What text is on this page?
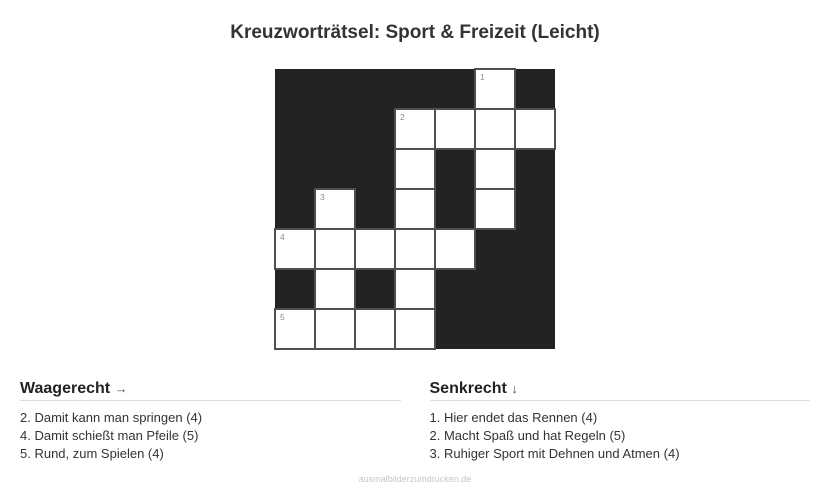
Kreuzworträtsel: Sport & Freizeit (Leicht)
1
2
3
4
5
Waagerecht →
2. Damit kann man springen (4)
4. Damit schießt man Pfeile (5)
5. Rund, zum Spielen (4)
Senkrecht ↓
1. Hier endet das Rennen (4)
2. Macht Spaß und hat Regeln (5)
3. Ruhiger Sport mit Dehnen und Atmen (4)
ausmalbilderzumdrucken.de
